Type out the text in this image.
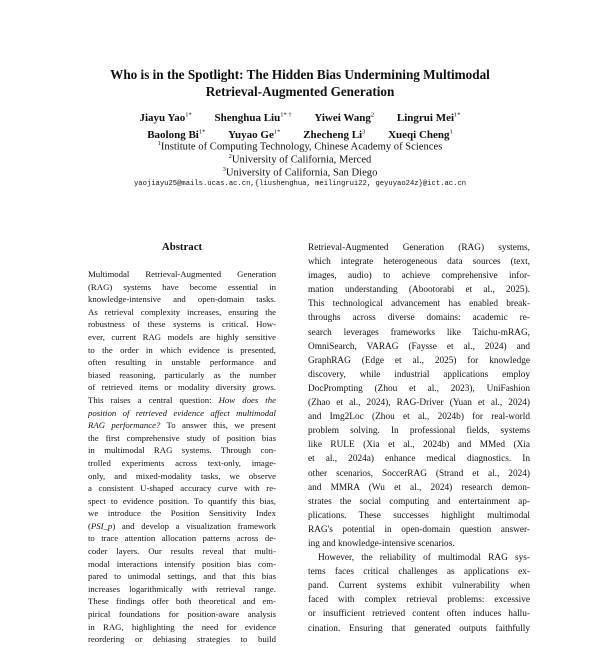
Who is in the Spotlight: The Hidden Bias Undermining Multimodal
Retrieval-Augmented Generation
Jiayu Yao$^{1*}$ Shenghua Liu$^{1* \dagger}$ Yiwei Wang$^2$ Lingrui Mei$^{1*}$
Baolong $Bi^{1*}$ Yuyao $Ge^{1*}$ Zhecheng Li$^3$ Xueqi Cheng$^1$
$^1$Institute of Computing Technology, Chinese Academy of Sciences
$^2$University of California, Merced
$^3$University of California, San Diego
yaojiayu25@mails.ucas.ac.cn,{liushenghua, meilingrui22, geyuyao24z}@ict.ac.cn
Abstract
Multimodal Retrieval-Augmented Generation
(RAG) systems have become essential in
knowledge-intensive and open-domain tasks.
As retrieval complexity increases, ensuring the
robustness of these systems is critical. How-
ever, current RAG models are highly sensitive
to the order in which evidence is presented,
often resulting in unstable performance and
biased reasoning, particularly as the number
of retrieved items or modality diversity grows.
This raises a central question: How does the
position of retrieved evidence affect multimodal
RAG performance? To answer this, we present
the first comprehensive study of position bias
in multimodal RAG systems. Through con-
trolled experiments across text-only, image-
only, and mixed-modality tasks, we observe
a consistent U-shaped accuracy curve with re-
spect to evidence position. To quantify this bias,
we introduce the Position Sensitivity Index
(PSI_p) and develop a visualization framework
to trace attention allocation patterns across de-
coder layers. Our results reveal that multi-
modal interactions intensify position bias com-
pared to unimodal settings, and that this bias
increases logarithmically with retrieval range.
These findings offer both theoretical and em-
pirical foundations for position-aware analysis
in RAG, highlighting the need for evidence
reordering or debiasing strategies to build
Retrieval-Augmented Generation (RAG) systems,
which integrate heterogeneous data sources (text,
images, audio) to achieve comprehensive infor-
mation understanding (Abootorabi et al., 2025).
This technological advancement has enabled break-
throughs across diverse domains: academic re-
search leverages frameworks like Taichu-mRAG,
OmniSearch, VARAG (Faysse et al., 2024) and
GraphRAG (Edge et al., 2025) for knowledge
discovery, while industrial applications employ
DocPrompting (Zhou et al., 2023), UniFashion
(Zhao et al., 2024), RAG-Driver (Yuan et al., 2024)
and Img2Loc (Zhou et al., 2024b) for real-world
problem solving. In professional fields, systems
like RULE (Xia et al., 2024b) and MMed (Xia
et al., 2024a) enhance medical diagnostics. In
other scenarios, SoccerRAG (Strand et al., 2024)
and MMRA (Wu et al., 2024) research demon-
strates the social computing and entertainment ap-
plications. These successes highlight multimodal
RAG's potential in open-domain question answer-
ing and knowledge-intensive scenarios.
However, the reliability of multimodal RAG sys-
tems faces critical challenges as applications ex-
pand. Current systems exhibit vulnerability when
faced with complex retrieval problems: excessive
or insufficient retrieved content often induces hallu-
cination. Ensuring that generated outputs faithfully
